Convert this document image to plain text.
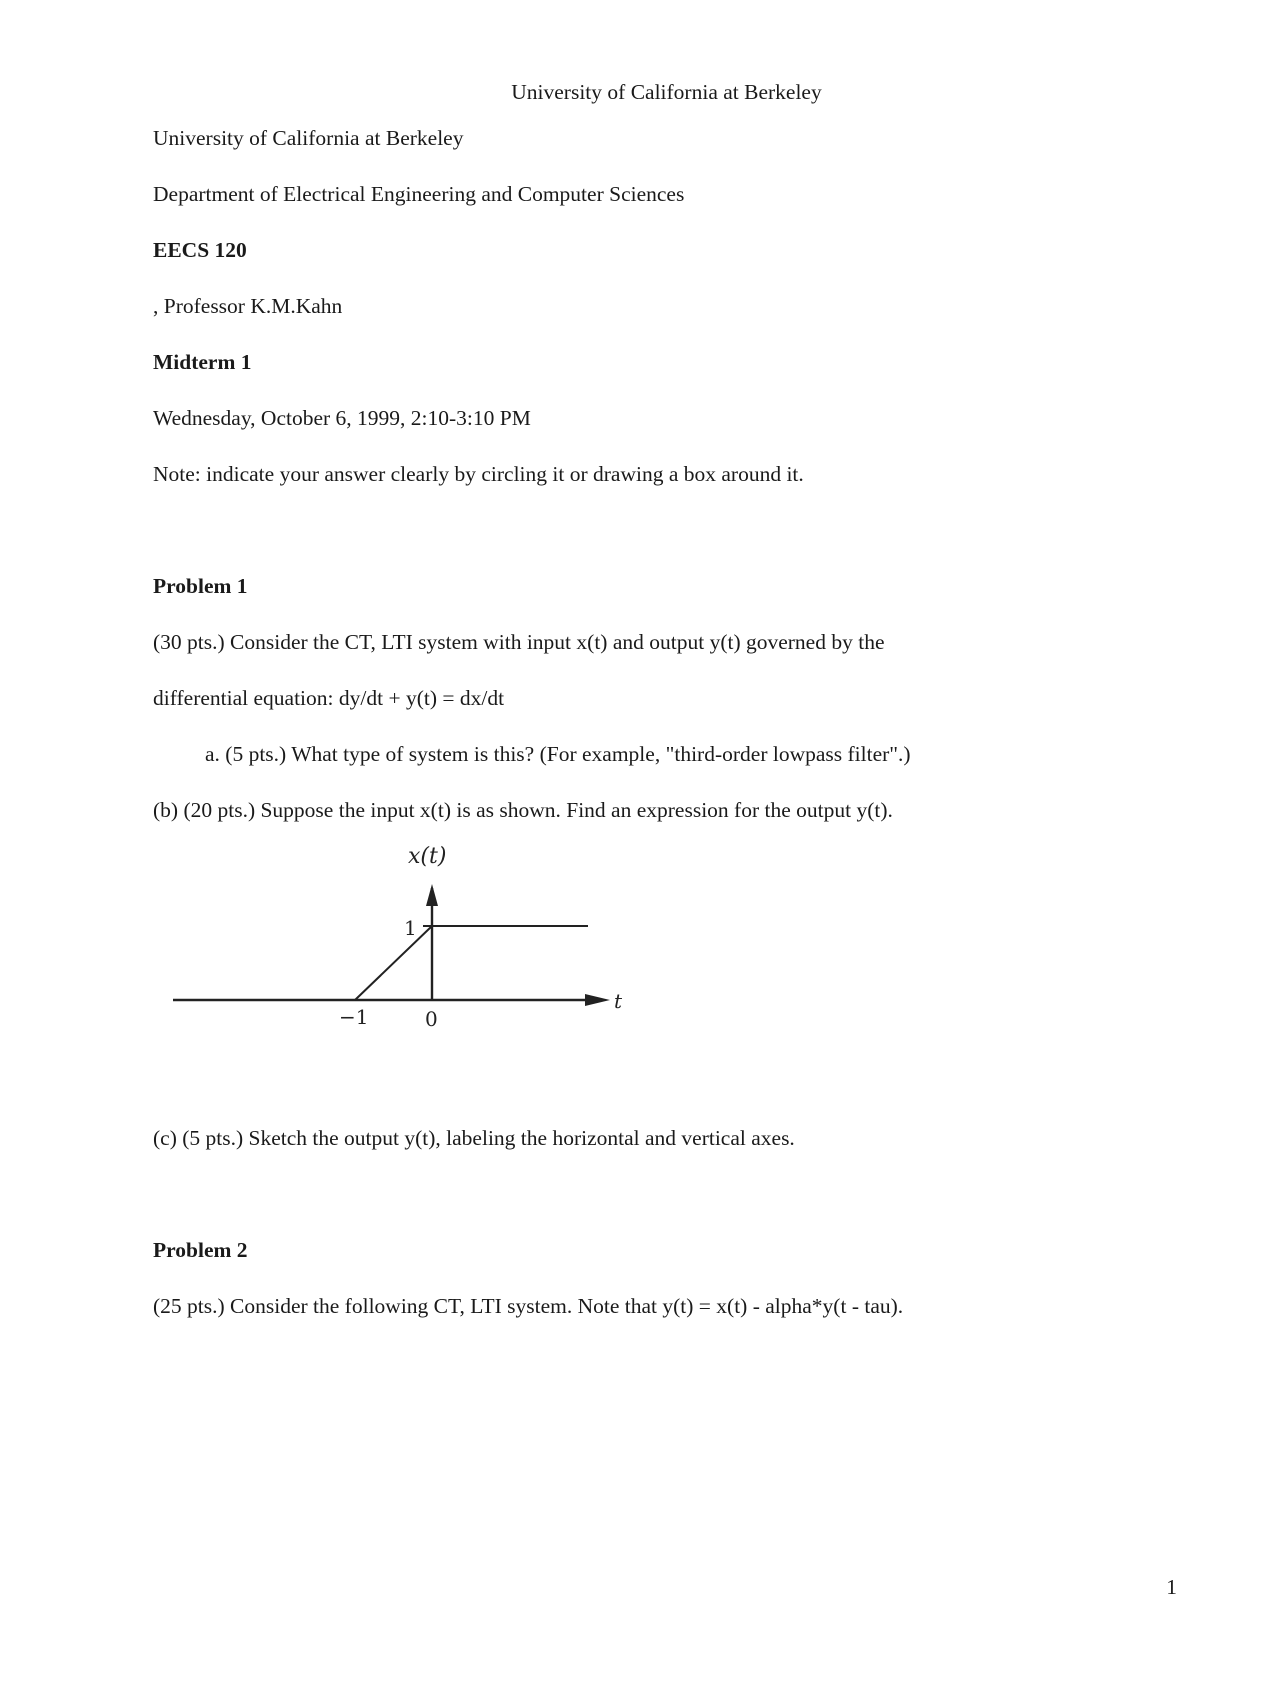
University of California at Berkeley
University of California at Berkeley
Department of Electrical Engineering and Computer Sciences
EECS 120
, Professor K.M.Kahn
Midterm 1
Wednesday, October 6, 1999, 2:10-3:10 PM
Note: indicate your answer clearly by circling it or drawing a box around it.
Problem 1
(30 pts.) Consider the CT, LTI system with input x(t) and output y(t) governed by the
differential equation: dy/dt + y(t) = dx/dt
a. (5 pts.) What type of system is this? (For example, "third-order lowpass filter".)
(b) (20 pts.) Suppose the input x(t) is as shown. Find an expression for the output y(t).
x(t)
1
−1	0
t
(c) (5 pts.) Sketch the output y(t), labeling the horizontal and vertical axes.
Problem 2
(25 pts.) Consider the following CT, LTI system. Note that y(t) = x(t) - alpha*y(t - tau).
1
